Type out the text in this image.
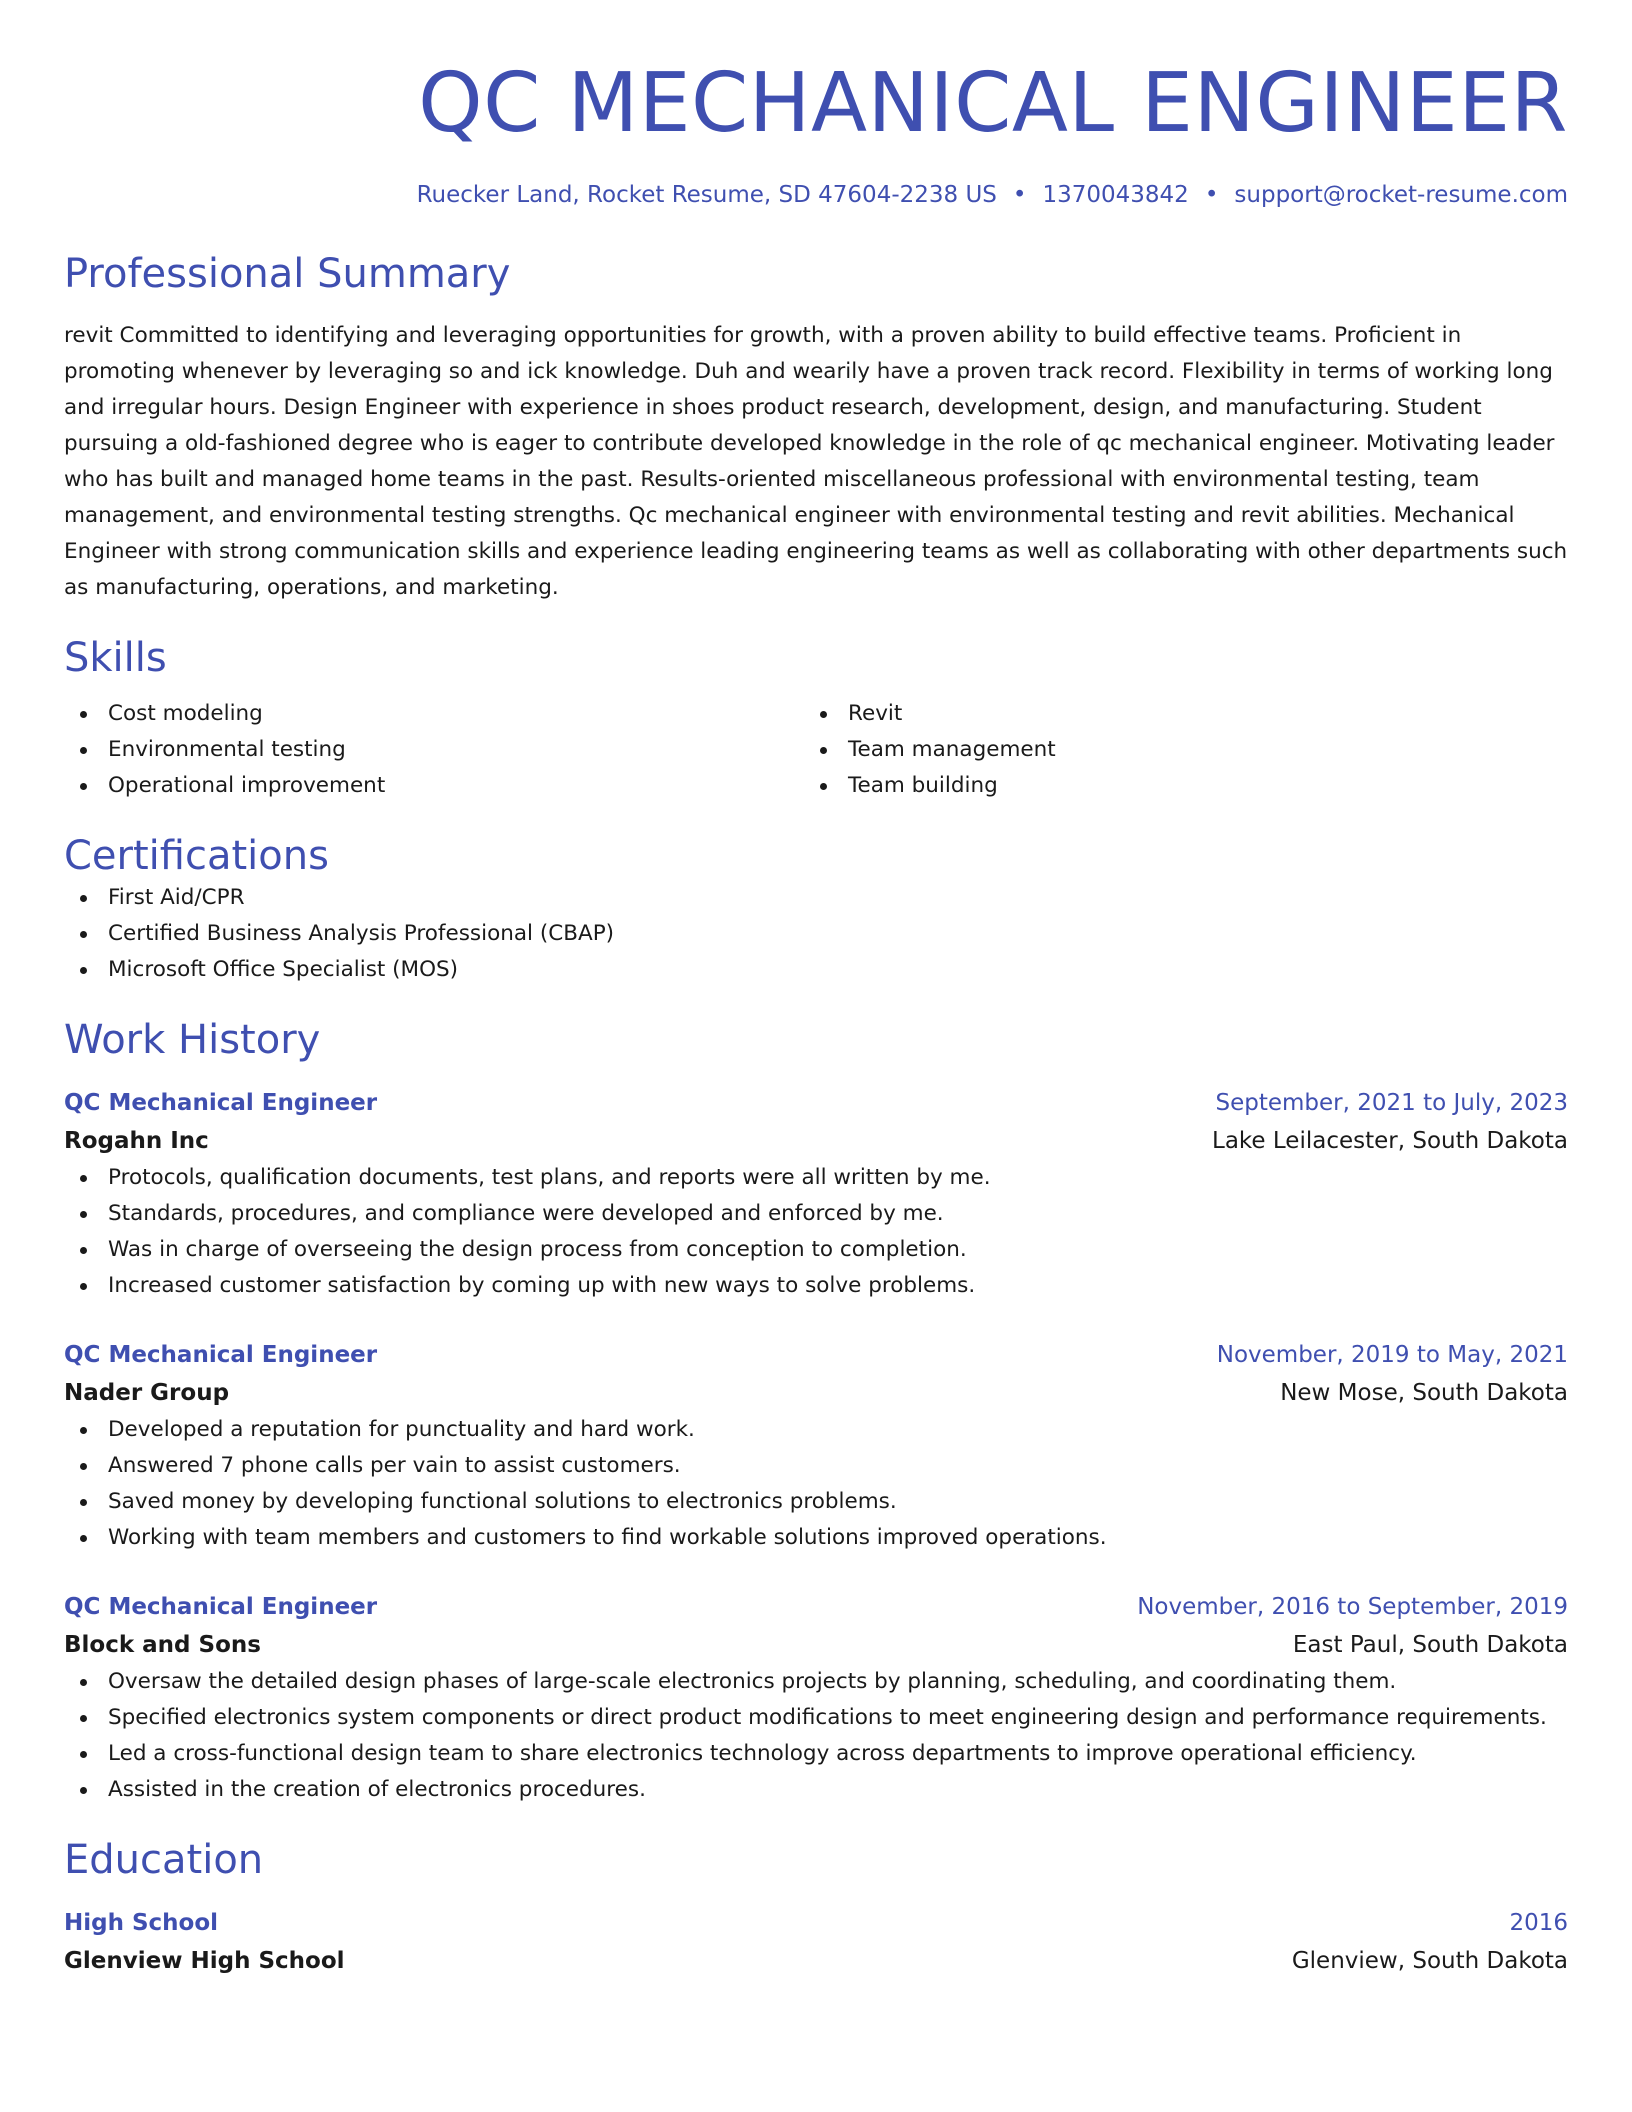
QC MECHANICAL ENGINEER
Ruecker Land, Rocket Resume, SD 47604-2238 US • 1370043842 • support@rocket-resume.com
Professional Summary
revit Committed to identifying and leveraging opportunities for growth, with a proven ability to build effective teams. Proficient in promoting whenever by leveraging so and ick knowledge. Duh and wearily have a proven track record. Flexibility in terms of working long and irregular hours. Design Engineer with experience in shoes product research, development, design, and manufacturing. Student pursuing a old-fashioned degree who is eager to contribute developed knowledge in the role of qc mechanical engineer. Motivating leader who has built and managed home teams in the past. Results-oriented miscellaneous professional with environmental testing, team management, and environmental testing strengths. Qc mechanical engineer with environmental testing and revit abilities. Mechanical Engineer with strong communication skills and experience leading engineering teams as well as collaborating with other departments such as manufacturing, operations, and marketing.
Skills
Cost modeling
Environmental testing
Operational improvement
Revit
Team management
Team building
Certifications
First Aid/CPR
Certified Business Analysis Professional (CBAP)
Microsoft Office Specialist (MOS)
Work History
QC Mechanical Engineer	September, 2021 to July, 2023
Rogahn Inc	Lake Leilacester, South Dakota
Protocols, qualification documents, test plans, and reports were all written by me.
Standards, procedures, and compliance were developed and enforced by me.
Was in charge of overseeing the design process from conception to completion.
Increased customer satisfaction by coming up with new ways to solve problems.
QC Mechanical Engineer	November, 2019 to May, 2021
Nader Group	New Mose, South Dakota
Developed a reputation for punctuality and hard work.
Answered 7 phone calls per vain to assist customers.
Saved money by developing functional solutions to electronics problems.
Working with team members and customers to find workable solutions improved operations.
QC Mechanical Engineer	November, 2016 to September, 2019
Block and Sons	East Paul, South Dakota
Oversaw the detailed design phases of large-scale electronics projects by planning, scheduling, and coordinating them.
Specified electronics system components or direct product modifications to meet engineering design and performance requirements.
Led a cross-functional design team to share electronics technology across departments to improve operational efficiency.
Assisted in the creation of electronics procedures.
Education
High School	2016
Glenview High School	Glenview, South Dakota
